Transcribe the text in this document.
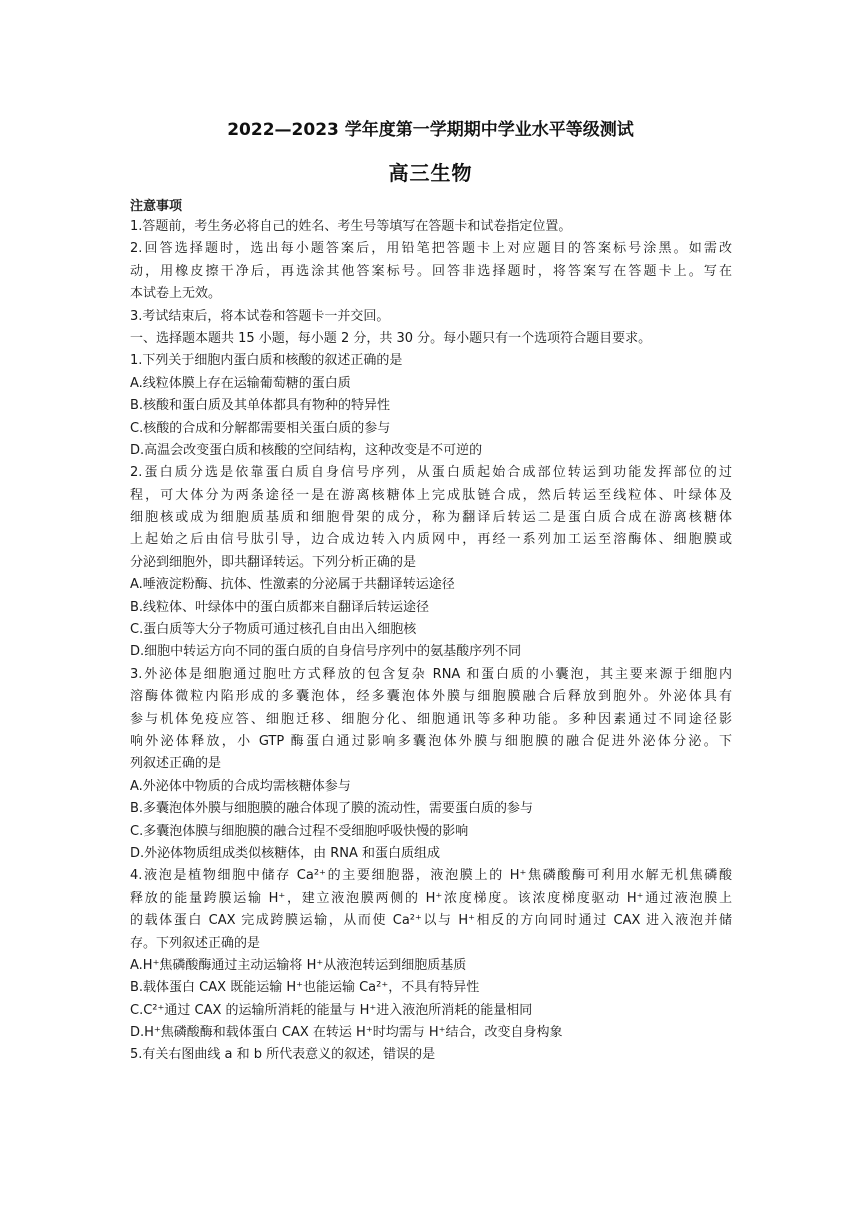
2022—2023 学年度第一学期期中学业水平等级测试
高三生物
注意事项
1.答题前，考生务必将自己的姓名、考生号等填写在答题卡和试卷指定位置。
2.回答选择题时，选出每小题答案后，用铅笔把答题卡上对应题目的答案标号涂黑。如需改
动，用橡皮擦干净后，再选涂其他答案标号。回答非选择题时，将答案写在答题卡上。写在
本试卷上无效。
3.考试结束后，将本试卷和答题卡一并交回。
一、选择题本题共 15 小题，每小题 2 分，共 30 分。每小题只有一个选项符合题目要求。
1.下列关于细胞内蛋白质和核酸的叙述正确的是
A.线粒体膜上存在运输葡萄糖的蛋白质
B.核酸和蛋白质及其单体都具有物种的特异性
C.核酸的合成和分解都需要相关蛋白质的参与
D.高温会改变蛋白质和核酸的空间结构，这种改变是不可逆的
2.蛋白质分选是依靠蛋白质自身信号序列，从蛋白质起始合成部位转运到功能发挥部位的过
程，可大体分为两条途径一是在游离核糖体上完成肽链合成，然后转运至线粒体、叶绿体及
细胞核或成为细胞质基质和细胞骨架的成分，称为翻译后转运二是蛋白质合成在游离核糖体
上起始之后由信号肽引导，边合成边转入内质网中，再经一系列加工运至溶酶体、细胞膜或
分泌到细胞外，即共翻译转运。下列分析正确的是
A.唾液淀粉酶、抗体、性激素的分泌属于共翻译转运途径
B.线粒体、叶绿体中的蛋白质都来自翻译后转运途径
C.蛋白质等大分子物质可通过核孔自由出入细胞核
D.细胞中转运方向不同的蛋白质的自身信号序列中的氨基酸序列不同
3.外泌体是细胞通过胞吐方式释放的包含复杂 RNA 和蛋白质的小囊泡，其主要来源于细胞内
溶酶体微粒内陷形成的多囊泡体，经多囊泡体外膜与细胞膜融合后释放到胞外。外泌体具有
参与机体免疫应答、细胞迁移、细胞分化、细胞通讯等多种功能。多种因素通过不同途径影
响外泌体释放，小 GTP 酶蛋白通过影响多囊泡体外膜与细胞膜的融合促进外泌体分泌。下
列叙述正确的是
A.外泌体中物质的合成均需核糖体参与
B.多囊泡体外膜与细胞膜的融合体现了膜的流动性，需要蛋白质的参与
C.多囊泡体膜与细胞膜的融合过程不受细胞呼吸快慢的影响
D.外泌体物质组成类似核糖体，由 RNA 和蛋白质组成
4.液泡是植物细胞中储存 Ca²⁺的主要细胞器，液泡膜上的 H⁺焦磷酸酶可利用水解无机焦磷酸
释放的能量跨膜运输 H⁺，建立液泡膜两侧的 H⁺浓度梯度。该浓度梯度驱动 H⁺通过液泡膜上
的载体蛋白 CAX 完成跨膜运输，从而使 Ca²⁺以与 H⁺相反的方向同时通过 CAX 进入液泡并储
存。下列叙述正确的是
A.H⁺焦磷酸酶通过主动运输将 H⁺从液泡转运到细胞质基质
B.载体蛋白 CAX 既能运输 H⁺也能运输 Ca²⁺，不具有特异性
C.C²⁺通过 CAX 的运输所消耗的能量与 H⁺进入液泡所消耗的能量相同
D.H⁺焦磷酸酶和载体蛋白 CAX 在转运 H⁺时均需与 H⁺结合，改变自身构象
5.有关右图曲线 a 和 b 所代表意义的叙述，错误的是
